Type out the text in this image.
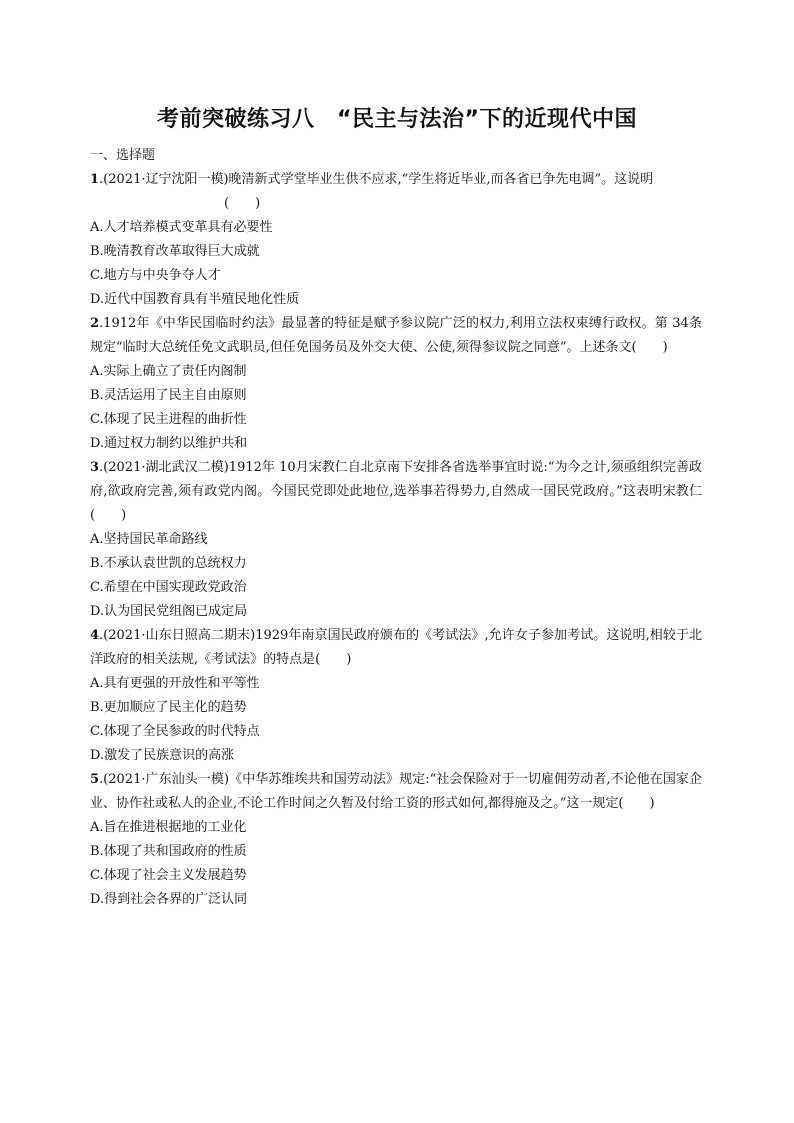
考前突破练习八　“民主与法治”下的近现代中国

一、选择题

1.(2021·辽宁沈阳一模)晚清新式学堂毕业生供不应求,“学生将近毕业,而各省已争先电调”。这说明
(　　)

A.人才培养模式变革具有必要性

B.晚清教育改革取得巨大成就

C.地方与中央争夺人才

D.近代中国教育具有半殖民地化性质

2.1912年《中华民国临时约法》最显著的特征是赋予参议院广泛的权力,利用立法权束缚行政权。第 34条规定“临时大总统任免文武职员,但任免国务员及外交大使、公使,须得参议院之同意”。上述条文(　　)

A.实际上确立了责任内阁制

B.灵活运用了民主自由原则

C.体现了民主进程的曲折性

D.通过权力制约以维护共和

3.(2021·湖北武汉二模)1912年 10月宋教仁自北京南下安排各省选举事宜时说:“为今之计,须亟组织完善政府,欲政府完善,须有政党内阁。今国民党即处此地位,选举事若得势力,自然成一国民党政府。”这表明宋教仁(　　)

A.坚持国民革命路线

B.不承认袁世凯的总统权力

C.希望在中国实现政党政治

D.认为国民党组阁已成定局

4.(2021·山东日照高二期末)1929年南京国民政府颁布的《考试法》,允许女子参加考试。这说明,相较于北洋政府的相关法规,《考试法》的特点是(　　)

A.具有更强的开放性和平等性

B.更加顺应了民主化的趋势

C.体现了全民参政的时代特点

D.激发了民族意识的高涨

5.(2021·广东汕头一模)《中华苏维埃共和国劳动法》规定:“社会保险对于一切雇佣劳动者,不论他在国家企业、协作社或私人的企业,不论工作时间之久暂及付给工资的形式如何,都得施及之。”这一规定(　　)

A.旨在推进根据地的工业化

B.体现了共和国政府的性质

C.体现了社会主义发展趋势

D.得到社会各界的广泛认同
